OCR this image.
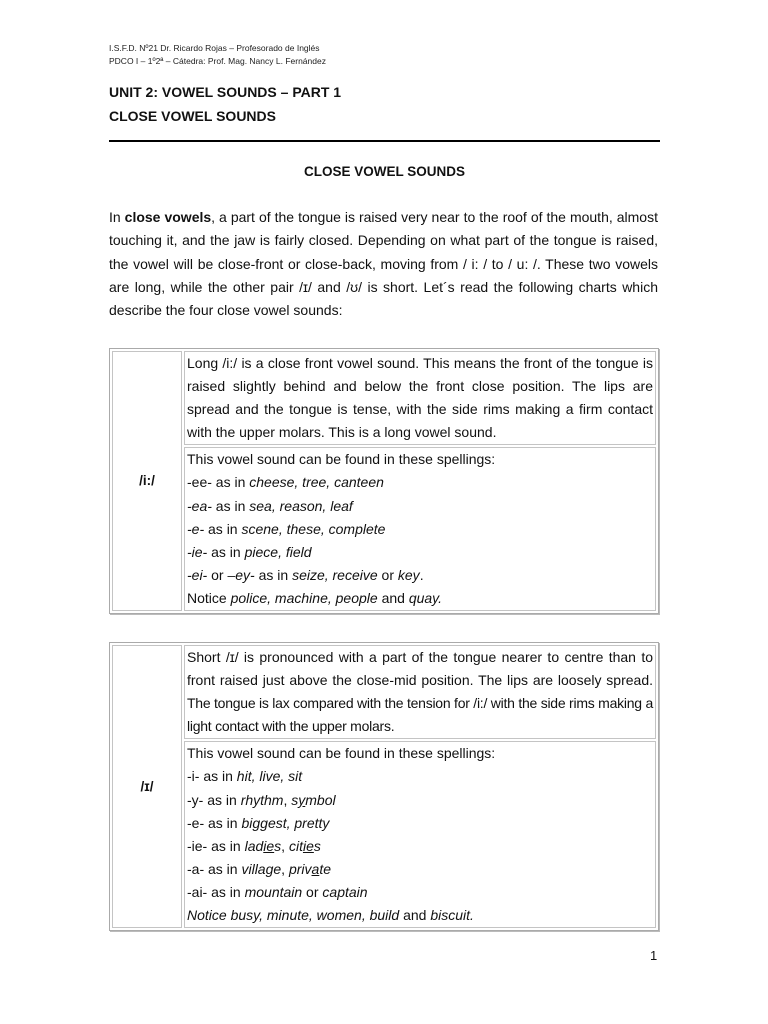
I.S.F.D. Nº21 Dr. Ricardo Rojas – Profesorado de Inglés
PDCO I – 1º2ª – Cátedra: Prof. Mag. Nancy L. Fernández
UNIT 2: VOWEL SOUNDS – PART 1
CLOSE VOWEL SOUNDS
CLOSE VOWEL SOUNDS

In close vowels, a part of the tongue is raised very near to the roof of the mouth, almost touching it, and the jaw is fairly closed. Depending on what part of the tongue is raised, the vowel will be close-front or close-back, moving from / i: / to / u: /. These two vowels are long, while the other pair /ɪ/ and /ʊ/ is short. Let´s read the following charts which describe the four close vowel sounds:

/i:/	Long /i:/ is a close front vowel sound. This means the front of the tongue is raised slightly behind and below the front close position. The lips are spread and the tongue is tense, with the side rims making a firm contact with the upper molars. This is a long vowel sound.

This vowel sound can be found in these spellings:
-ee- as in cheese, tree, canteen
-ea- as in sea, reason, leaf
-e- as in scene, these, complete
-ie- as in piece, field
-ei- or –ey- as in seize, receive or key.
Notice police, machine, people and quay.
/ɪ/	Short /ɪ/ is pronounced with a part of the tongue nearer to centre than to front raised just above the close-mid position. The lips are loosely spread. The tongue is lax compared with the tension for /i:/ with the side rims making a light contact with the upper molars.

This vowel sound can be found in these spellings:
-i- as in hit, live, sit
-y- as in rhythm, symbol
-e- as in biggest, pretty
-ie- as in ladies, cities
-a- as in village, private
-ai- as in mountain or captain
Notice busy, minute, women, build and biscuit.
1
